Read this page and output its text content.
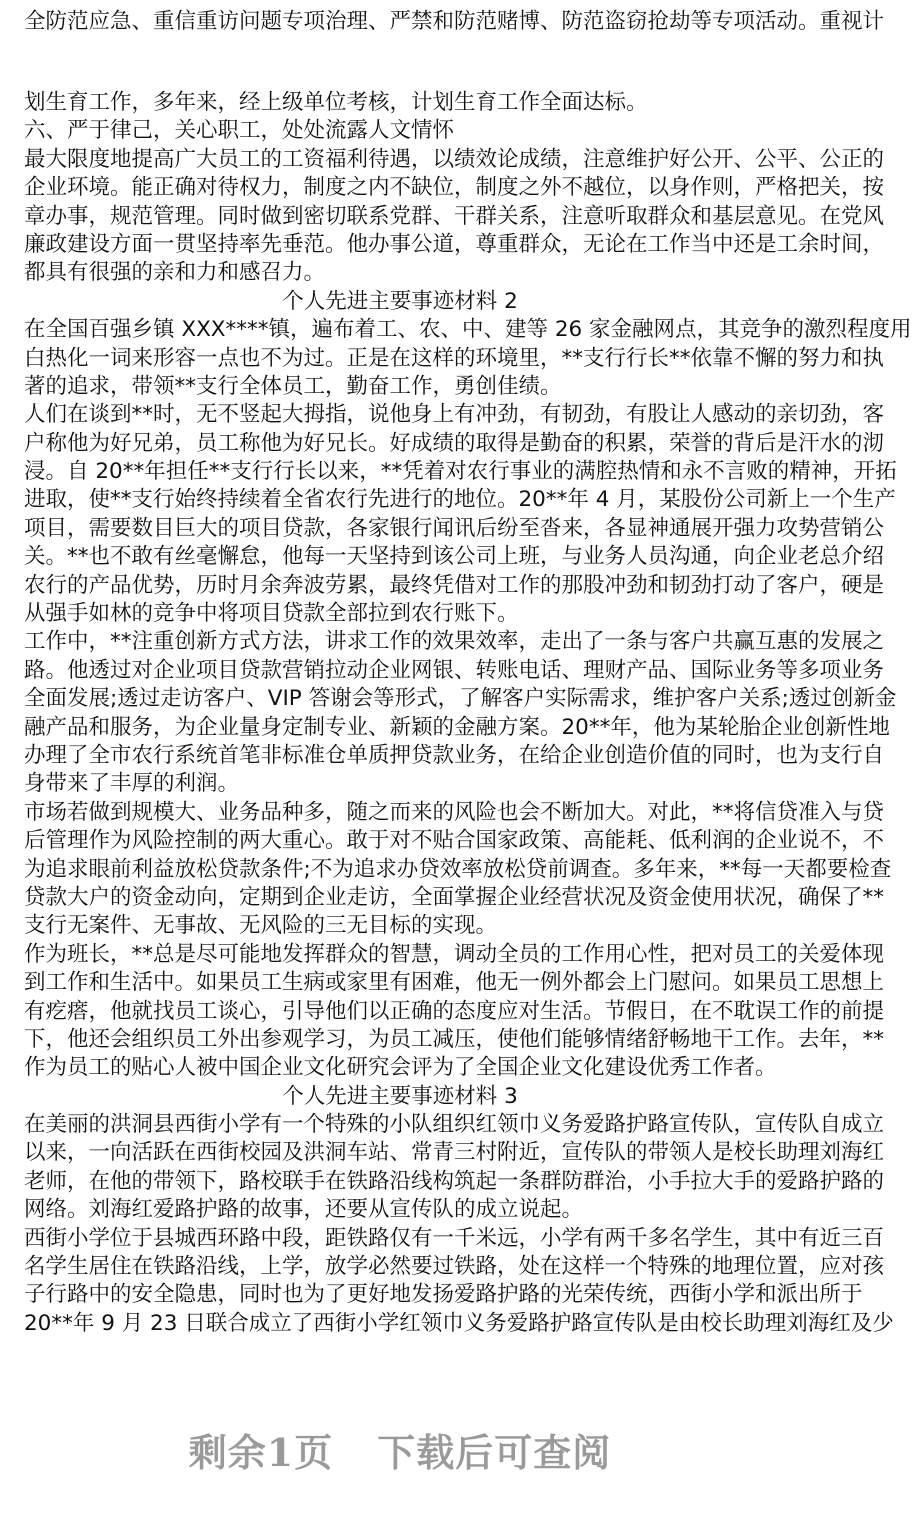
全防范应急、重信重访问题专项治理、严禁和防范赌博、防范盗窃抢劫等专项活动。重视计
划生育工作，多年来，经上级单位考核，计划生育工作全面达标。
六、严于律己，关心职工，处处流露人文情怀
最大限度地提高广大员工的工资福利待遇，以绩效论成绩，注意维护好公开、公平、公正的
企业环境。能正确对待权力，制度之内不缺位，制度之外不越位，以身作则，严格把关，按
章办事，规范管理。同时做到密切联系党群、干群关系，注意听取群众和基层意见。在党风
廉政建设方面一贯坚持率先垂范。他办事公道，尊重群众，无论在工作当中还是工余时间，
都具有很强的亲和力和感召力。
个人先进主要事迹材料 2
在全国百强乡镇 XXX****镇，遍布着工、农、中、建等 26 家金融网点，其竞争的激烈程度用
白热化一词来形容一点也不为过。正是在这样的环境里，**支行行长**依靠不懈的努力和执
著的追求，带领**支行全体员工，勤奋工作，勇创佳绩。
人们在谈到**时，无不竖起大拇指，说他身上有冲劲，有韧劲，有股让人感动的亲切劲，客
户称他为好兄弟，员工称他为好兄长。好成绩的取得是勤奋的积累，荣誉的背后是汗水的沏
浸。自 20**年担任**支行行长以来，**凭着对农行事业的满腔热情和永不言败的精神，开拓
进取，使**支行始终持续着全省农行先进行的地位。20**年 4 月，某股份公司新上一个生产
项目，需要数目巨大的项目贷款，各家银行闻讯后纷至沓来，各显神通展开强力攻势营销公
关。**也不敢有丝毫懈怠，他每一天坚持到该公司上班，与业务人员沟通，向企业老总介绍
农行的产品优势，历时月余奔波劳累，最终凭借对工作的那股冲劲和韧劲打动了客户，硬是
从强手如林的竞争中将项目贷款全部拉到农行账下。
工作中，**注重创新方式方法，讲求工作的效果效率，走出了一条与客户共赢互惠的发展之
路。他透过对企业项目贷款营销拉动企业网银、转账电话、理财产品、国际业务等多项业务
全面发展;透过走访客户、VIP 答谢会等形式，了解客户实际需求，维护客户关系;透过创新金
融产品和服务，为企业量身定制专业、新颖的金融方案。20**年，他为某轮胎企业创新性地
办理了全市农行系统首笔非标准仓单质押贷款业务，在给企业创造价值的同时，也为支行自
身带来了丰厚的利润。
市场若做到规模大、业务品种多，随之而来的风险也会不断加大。对此，**将信贷准入与贷
后管理作为风险控制的两大重心。敢于对不贴合国家政策、高能耗、低利润的企业说不，不
为追求眼前利益放松贷款条件;不为追求办贷效率放松贷前调查。多年来，**每一天都要检查
贷款大户的资金动向，定期到企业走访，全面掌握企业经营状况及资金使用状况，确保了**
支行无案件、无事故、无风险的三无目标的实现。
作为班长，**总是尽可能地发挥群众的智慧，调动全员的工作用心性，把对员工的关爱体现
到工作和生活中。如果员工生病或家里有困难，他无一例外都会上门慰问。如果员工思想上
有疙瘩，他就找员工谈心，引导他们以正确的态度应对生活。节假日，在不耽误工作的前提
下，他还会组织员工外出参观学习，为员工减压，使他们能够情绪舒畅地干工作。去年，**
作为员工的贴心人被中国企业文化研究会评为了全国企业文化建设优秀工作者。
个人先进主要事迹材料 3
在美丽的洪洞县西街小学有一个特殊的小队组织红领巾义务爱路护路宣传队，宣传队自成立
以来，一向活跃在西街校园及洪洞车站、常青三村附近，宣传队的带领人是校长助理刘海红
老师，在他的带领下，路校联手在铁路沿线构筑起一条群防群治，小手拉大手的爱路护路的
网络。刘海红爱路护路的故事，还要从宣传队的成立说起。
西街小学位于县城西环路中段，距铁路仅有一千米远，小学有两千多名学生，其中有近三百
名学生居住在铁路沿线，上学，放学必然要过铁路，处在这样一个特殊的地理位置，应对孩
子行路中的安全隐患，同时也为了更好地发扬爱路护路的光荣传统，西街小学和派出所于
20**年 9 月 23 日联合成立了西街小学红领巾义务爱路护路宣传队是由校长助理刘海红及少
剩余1页 下载后可查阅
